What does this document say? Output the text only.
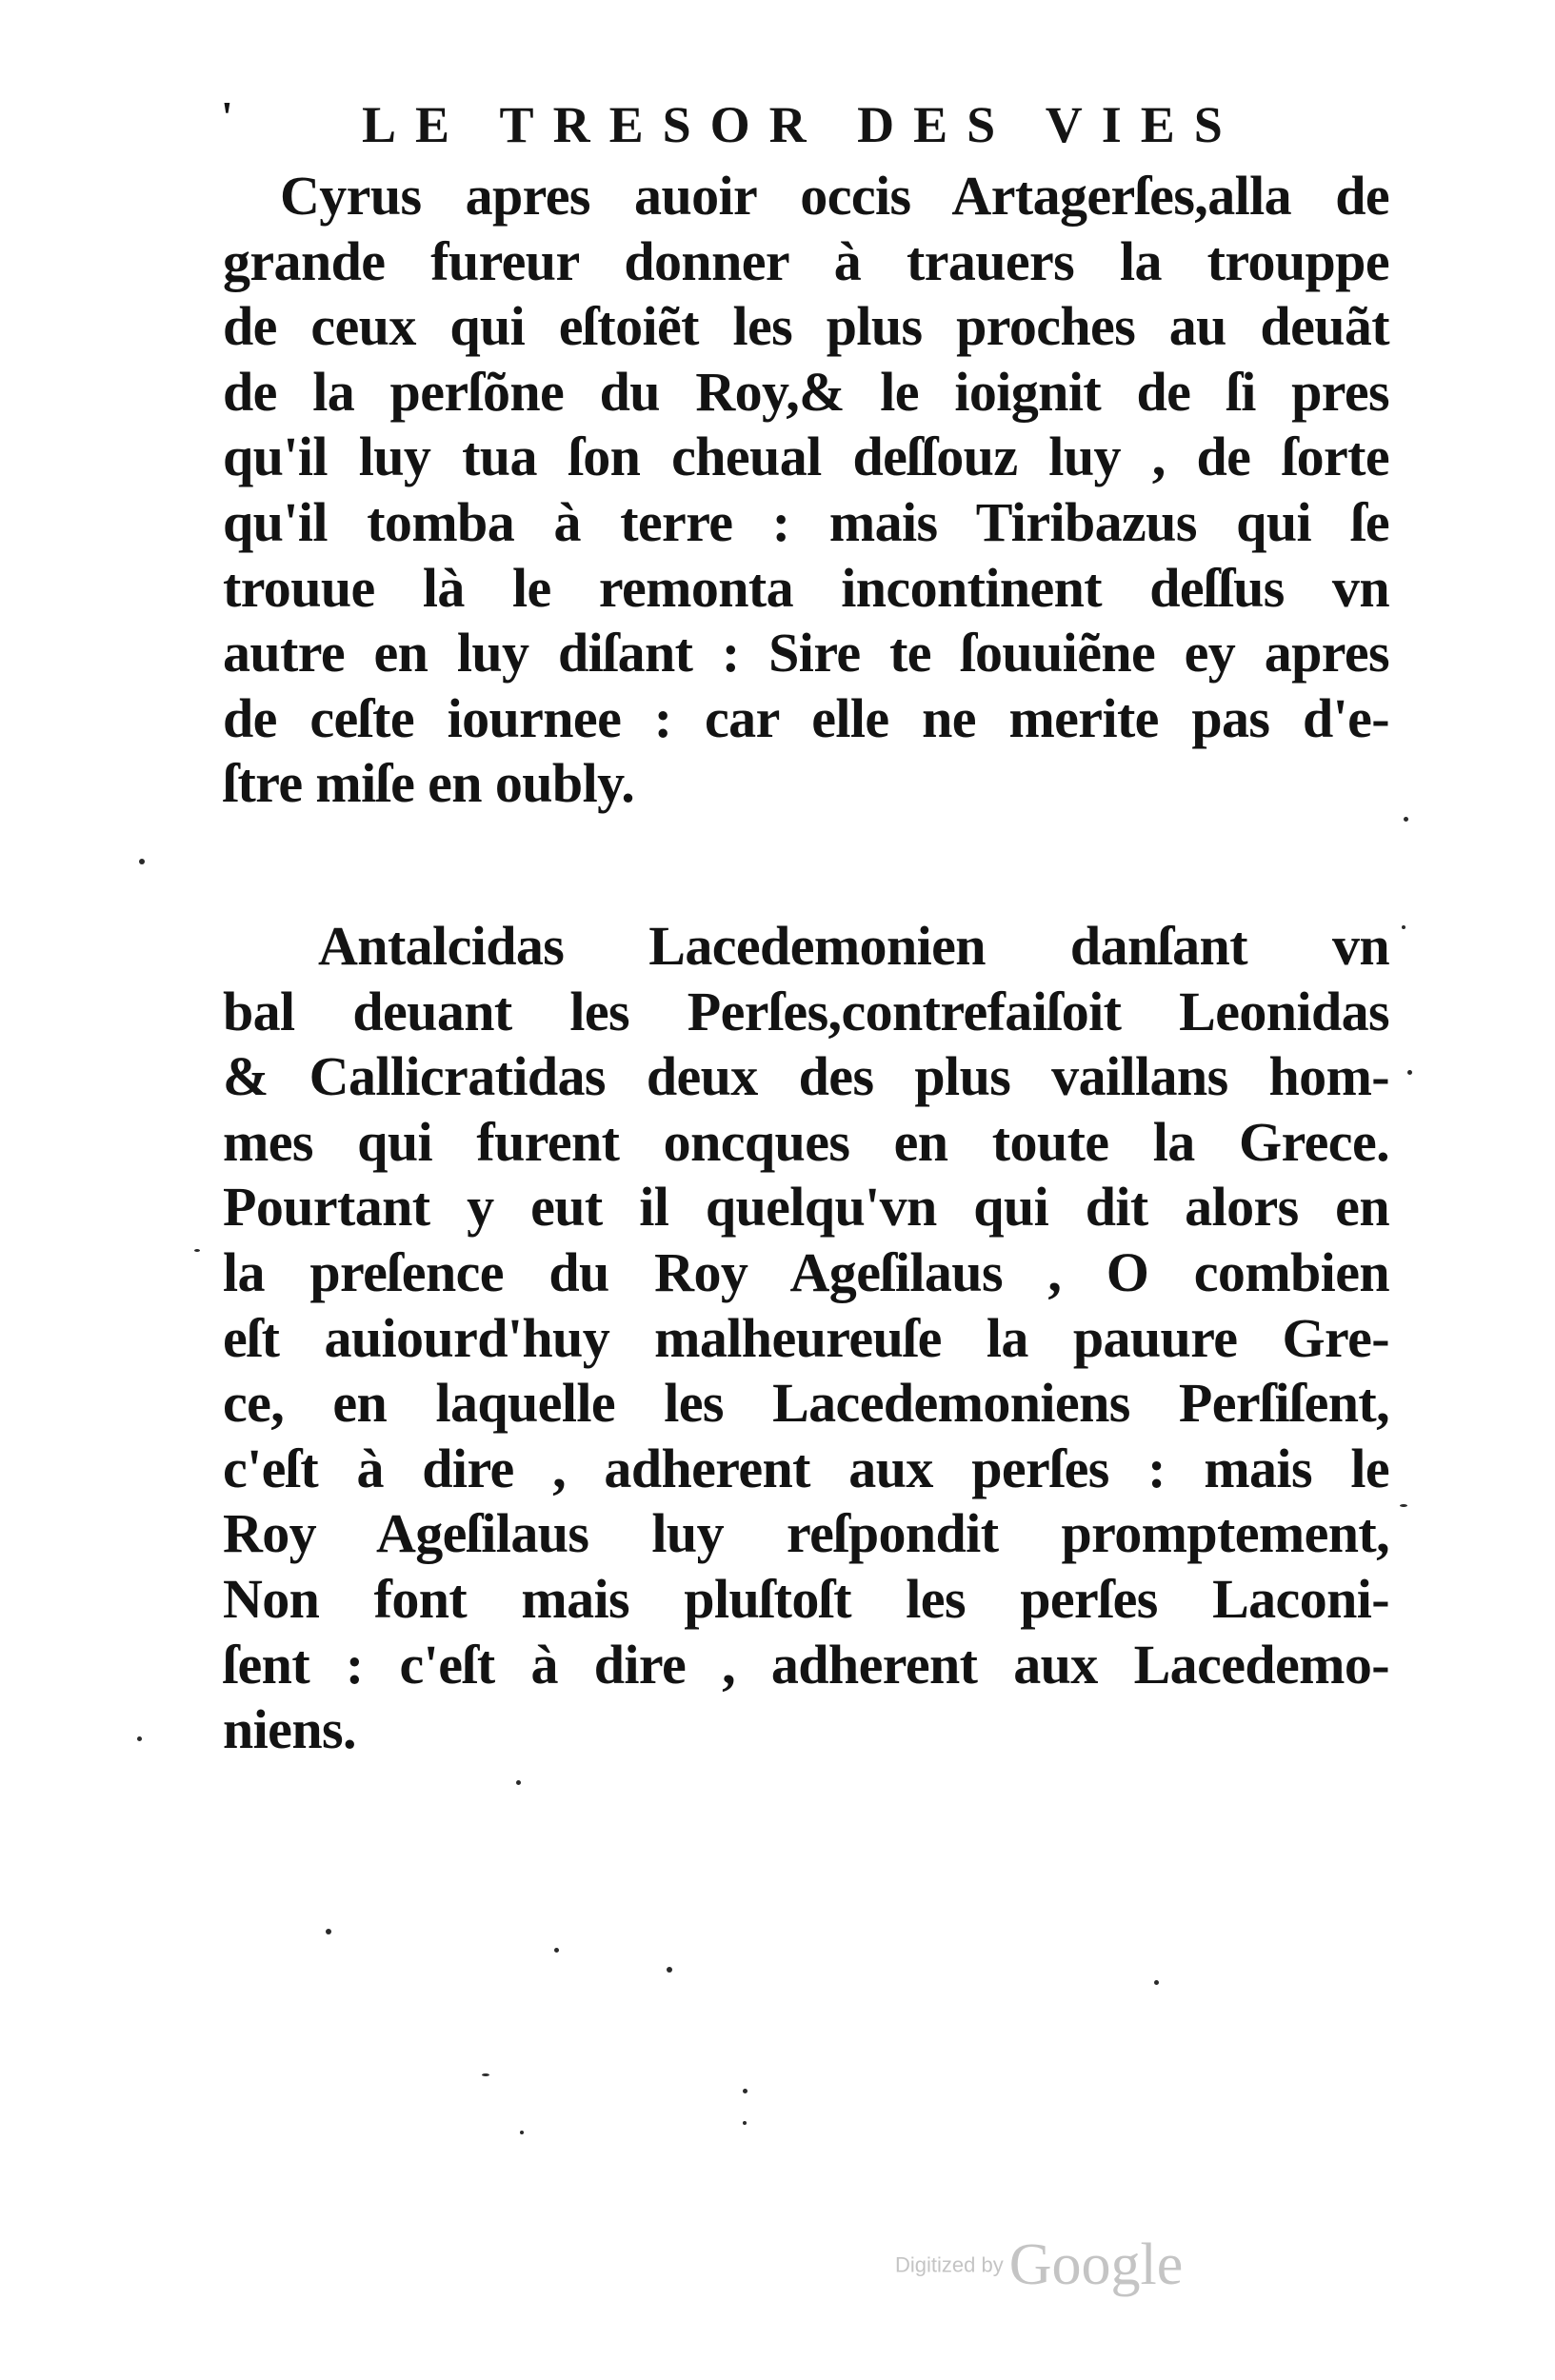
'	LE TRESOR DES VIES
Cyrus apres auoir occis Artagerſes,alla de
grande fureur donner à trauers la trouppe
de ceux qui eſtoiẽt les plus proches au deuãt
de la perſõne du Roy,& le ioignit de ſi pres
qu'il luy tua ſon cheual deſſouz luy , de ſorte
qu'il tomba à terre : mais Tiribazus qui ſe
trouue là le remonta incontinent deſſus vn
autre en luy diſant : Sire te ſouuiẽne ey apres
de ceſte iournee : car elle ne merite pas d'e-
ſtre miſe en oubly.
Antalcidas Lacedemonien danſant vn
bal deuant les Perſes,contrefaiſoit Leonidas
& Callicratidas deux des plus vaillans hom-
mes qui furent oncques en toute la Grece.
Pourtant y eut il quelqu'vn qui dit alors en
la preſence du Roy Ageſilaus , O combien
eſt auiourd'huy malheureuſe la pauure Gre-
ce, en laquelle les Lacedemoniens Perſiſent,
c'eſt à dire , adherent aux perſes : mais le
Roy Ageſilaus luy reſpondit promptement,
Non font mais pluſtoſt les perſes Laconi-
ſent : c'eſt à dire , adherent aux Lacedemo-
niens.
Digitized byGoogle
